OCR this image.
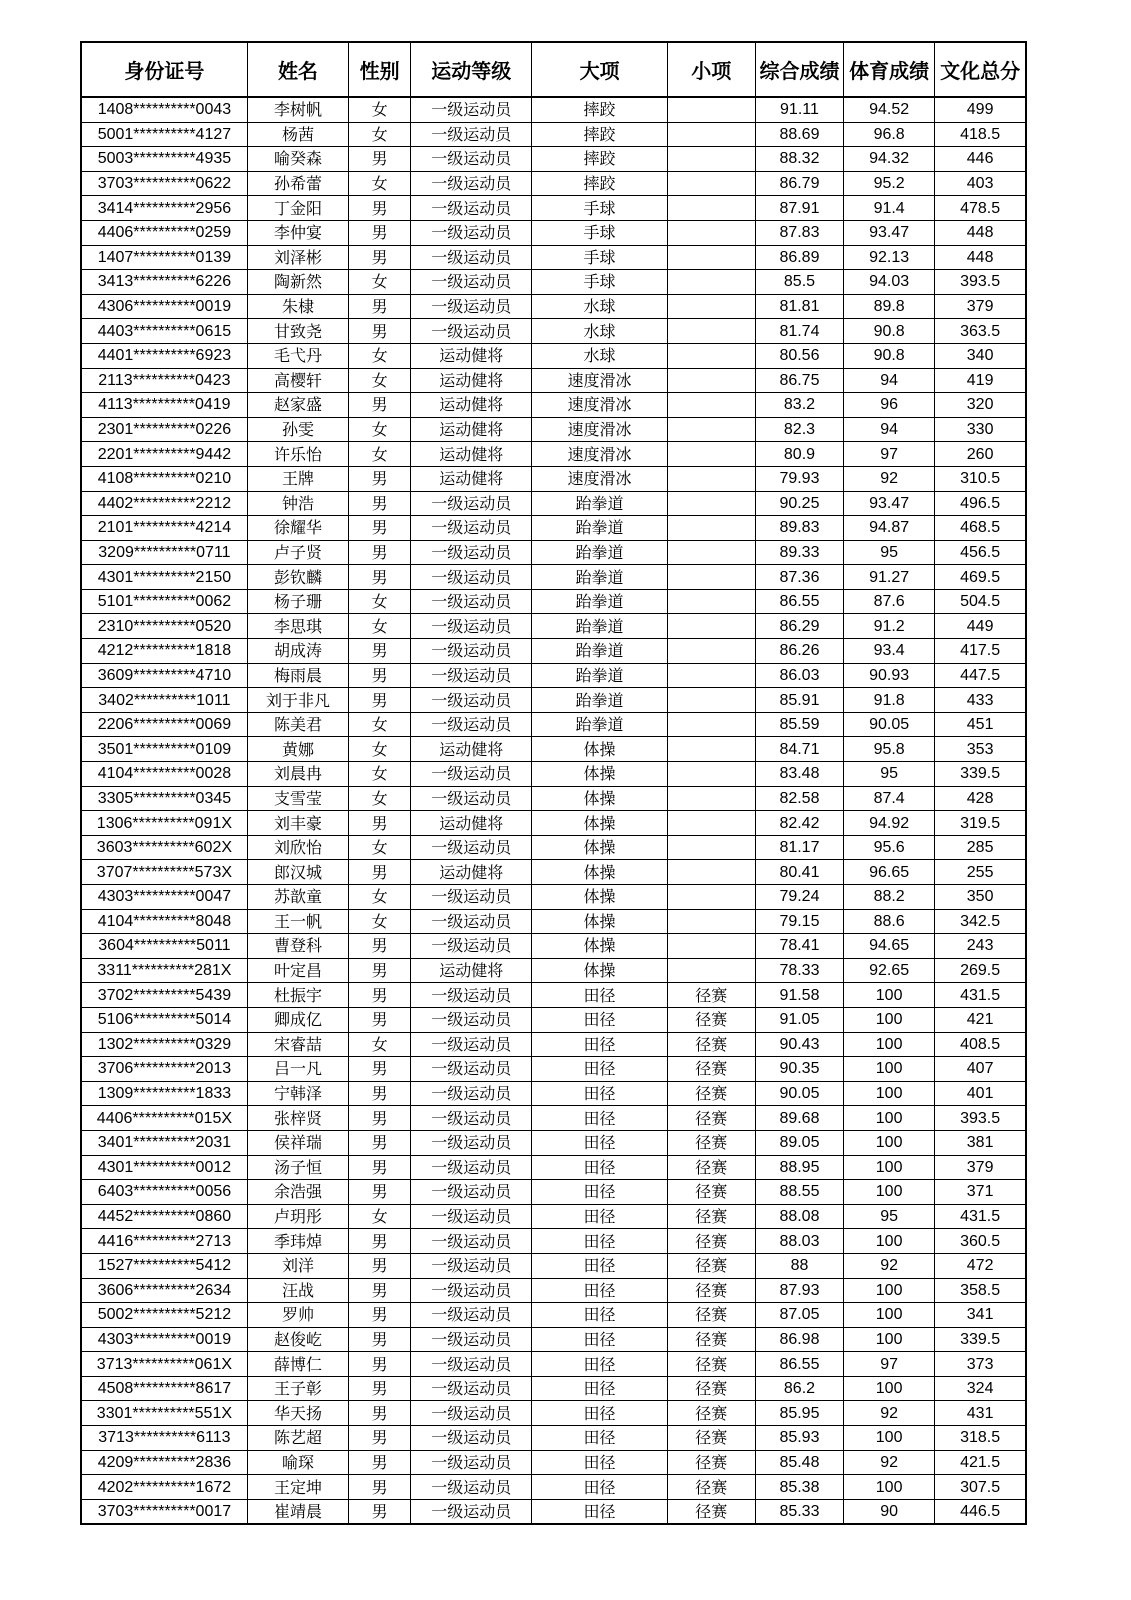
身份证号	姓名	性别	运动等级	大项	小项	综合成绩	体育成绩	文化总分
1408**********0043	李树帆	女	一级运动员	摔跤		91.11	94.52	499
5001**********4127	杨茜	女	一级运动员	摔跤		88.69	96.8	418.5
5003**********4935	喻癸森	男	一级运动员	摔跤		88.32	94.32	446
3703**********0622	孙希蕾	女	一级运动员	摔跤		86.79	95.2	403
3414**********2956	丁金阳	男	一级运动员	手球		87.91	91.4	478.5
4406**********0259	李仲宴	男	一级运动员	手球		87.83	93.47	448
1407**********0139	刘泽彬	男	一级运动员	手球		86.89	92.13	448
3413**********6226	陶新然	女	一级运动员	手球		85.5	94.03	393.5
4306**********0019	朱棣	男	一级运动员	水球		81.81	89.8	379
4403**********0615	甘致尧	男	一级运动员	水球		81.74	90.8	363.5
4401**********6923	毛弋丹	女	运动健将	水球		80.56	90.8	340
2113**********0423	高樱轩	女	运动健将	速度滑冰		86.75	94	419
4113**********0419	赵家盛	男	运动健将	速度滑冰		83.2	96	320
2301**********0226	孙雯	女	运动健将	速度滑冰		82.3	94	330
2201**********9442	许乐怡	女	运动健将	速度滑冰		80.9	97	260
4108**********0210	王牌	男	运动健将	速度滑冰		79.93	92	310.5
4402**********2212	钟浩	男	一级运动员	跆拳道		90.25	93.47	496.5
2101**********4214	徐耀华	男	一级运动员	跆拳道		89.83	94.87	468.5
3209**********0711	卢子贤	男	一级运动员	跆拳道		89.33	95	456.5
4301**********2150	彭钦麟	男	一级运动员	跆拳道		87.36	91.27	469.5
5101**********0062	杨子珊	女	一级运动员	跆拳道		86.55	87.6	504.5
2310**********0520	李思琪	女	一级运动员	跆拳道		86.29	91.2	449
4212**********1818	胡成涛	男	一级运动员	跆拳道		86.26	93.4	417.5
3609**********4710	梅雨晨	男	一级运动员	跆拳道		86.03	90.93	447.5
3402**********1011	刘于非凡	男	一级运动员	跆拳道		85.91	91.8	433
2206**********0069	陈美君	女	一级运动员	跆拳道		85.59	90.05	451
3501**********0109	黄娜	女	运动健将	体操		84.71	95.8	353
4104**********0028	刘晨冉	女	一级运动员	体操		83.48	95	339.5
3305**********0345	支雪莹	女	一级运动员	体操		82.58	87.4	428
1306**********091X	刘丰豪	男	运动健将	体操		82.42	94.92	319.5
3603**********602X	刘欣怡	女	一级运动员	体操		81.17	95.6	285
3707**********573X	郎汉城	男	运动健将	体操		80.41	96.65	255
4303**********0047	苏歆童	女	一级运动员	体操		79.24	88.2	350
4104**********8048	王一帆	女	一级运动员	体操		79.15	88.6	342.5
3604**********5011	曹登科	男	一级运动员	体操		78.41	94.65	243
3311**********281X	叶定昌	男	运动健将	体操		78.33	92.65	269.5
3702**********5439	杜振宇	男	一级运动员	田径	径赛	91.58	100	431.5
5106**********5014	卿成亿	男	一级运动员	田径	径赛	91.05	100	421
1302**********0329	宋睿喆	女	一级运动员	田径	径赛	90.43	100	408.5
3706**********2013	吕一凡	男	一级运动员	田径	径赛	90.35	100	407
1309**********1833	宁韩泽	男	一级运动员	田径	径赛	90.05	100	401
4406**********015X	张梓贤	男	一级运动员	田径	径赛	89.68	100	393.5
3401**********2031	侯祥瑞	男	一级运动员	田径	径赛	89.05	100	381
4301**********0012	汤子恒	男	一级运动员	田径	径赛	88.95	100	379
6403**********0056	余浩强	男	一级运动员	田径	径赛	88.55	100	371
4452**********0860	卢玥彤	女	一级运动员	田径	径赛	88.08	95	431.5
4416**********2713	季玮焯	男	一级运动员	田径	径赛	88.03	100	360.5
1527**********5412	刘洋	男	一级运动员	田径	径赛	88	92	472
3606**********2634	汪战	男	一级运动员	田径	径赛	87.93	100	358.5
5002**********5212	罗帅	男	一级运动员	田径	径赛	87.05	100	341
4303**********0019	赵俊屹	男	一级运动员	田径	径赛	86.98	100	339.5
3713**********061X	薛博仁	男	一级运动员	田径	径赛	86.55	97	373
4508**********8617	王子彰	男	一级运动员	田径	径赛	86.2	100	324
3301**********551X	华天扬	男	一级运动员	田径	径赛	85.95	92	431
3713**********6113	陈艺超	男	一级运动员	田径	径赛	85.93	100	318.5
4209**********2836	喻琛	男	一级运动员	田径	径赛	85.48	92	421.5
4202**********1672	王定坤	男	一级运动员	田径	径赛	85.38	100	307.5
3703**********0017	崔靖晨	男	一级运动员	田径	径赛	85.33	90	446.5
